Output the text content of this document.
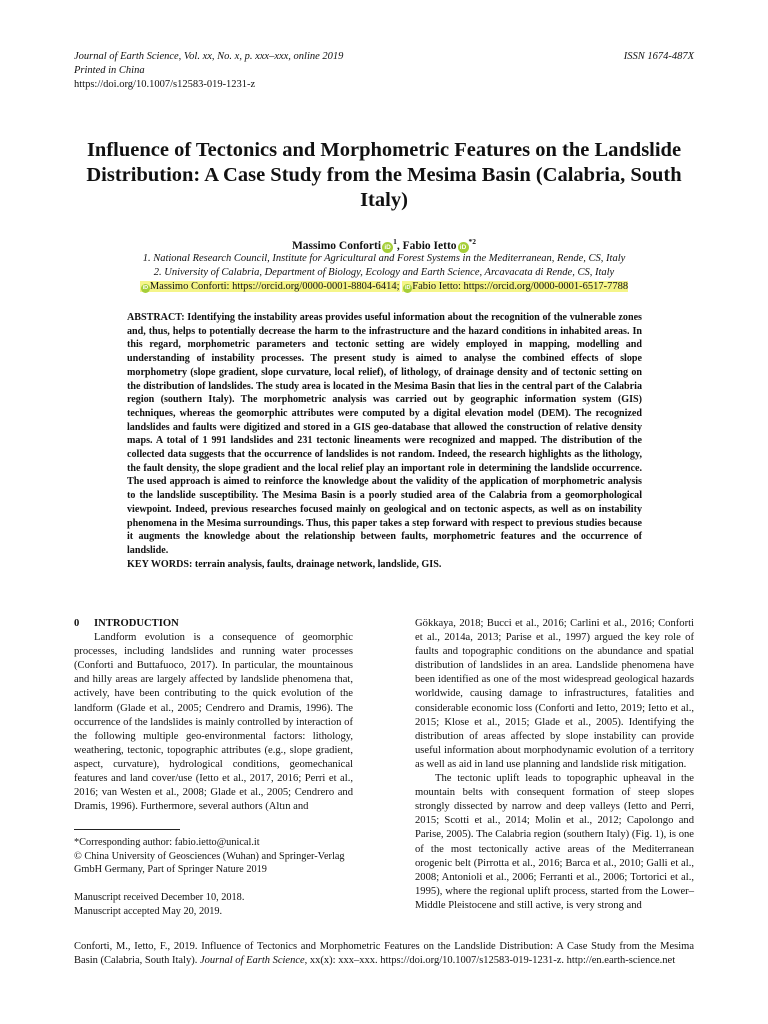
Journal of Earth Science, Vol. xx, No. x, p. xxx–xxx, online 2019
Printed in China
https://doi.org/10.1007/s12583-019-1231-z
ISSN 1674-487X
Influence of Tectonics and Morphometric Features on the Landslide Distribution: A Case Study from the Mesima Basin (Calabria, South Italy)
Massimo Conforti $iD^1$, Fabio Ietto $iD^{*2}$
1. National Research Council, Institute for Agricultural and Forest Systems in the Mediterranean, Rende, CS, Italy
2. University of Calabria, Department of Biology, Ecology and Earth Science, Arcavacata di Rende, CS, Italy
iD Massimo Conforti: https://orcid.org/0000-0001-8804-6414; iD Fabio Ietto: https://orcid.org/0000-0001-6517-7788

ABSTRACT: Identifying the instability areas provides useful information about the recognition of the vulnerable zones and, thus, helps to potentially decrease the harm to the infrastructure and the hazard conditions in inhabited areas. In this regard, morphometric parameters and tectonic setting are widely employed in mapping, modelling and understanding of instability processes. The present study is aimed to analyse the combined effects of slope morphometry (slope gradient, slope curvature, local relief), of lithology, of drainage density and of tectonic setting on the distribution of landslides. The study area is located in the Mesima Basin that lies in the central part of the Calabria region (southern Italy). The morphometric analysis was carried out by geographic information system (GIS) techniques, whereas the geomorphic attributes were computed by a digital elevation model (DEM). The recognized landslides and faults were digitized and stored in a GIS geo-database that allowed the construction of relative density maps. A total of 1 991 landslides and 231 tectonic lineaments were recognized and mapped. The distribution of the collected data suggests that the occurrence of landslides is not random. Indeed, the research highlights as the lithology, the fault density, the slope gradient and the local relief play an important role in determining the landslide occurrence. The used approach is aimed to reinforce the knowledge about the validity of the application of morphometric analysis to the landslide susceptibility. The Mesima Basin is a poorly studied area of the Calabria from a geomorphological viewpoint. Indeed, previous researches focused mainly on geological and on tectonic aspects, as well as on instability phenomena in the Mesima surroundings. Thus, this paper takes a step forward with respect to previous studies because it augments the knowledge about the relationship between faults, morphometric features and the occurrence of landslide.

KEY WORDS: terrain analysis, faults, drainage network, landslide, GIS.

0 INTRODUCTION

Landform evolution is a consequence of geomorphic processes, including landslides and running water processes (Conforti and Buttafuoco, 2017). In particular, the mountainous and hilly areas are largely affected by landslide phenomena that, actively, have been contributing to the quick evolution of the landform (Glade et al., 2005; Cendrero and Dramis, 1996). The occurrence of the landslides is mainly controlled by interaction of the following multiple geo-environmental factors: lithology, weathering, tectonic, topographic attributes (e.g., slope gradient, aspect, curvature), hydrological conditions, geomechanical features and land cover/use (Ietto et al., 2017, 2016; Perri et al., 2016; van Westen et al., 2008; Glade et al., 2005; Cendrero and Dramis, 1996). Furthermore, several authors (Altın and

Gökkaya, 2018; Bucci et al., 2016; Carlini et al., 2016; Conforti et al., 2014a, 2013; Parise et al., 1997) argued the key role of faults and topographic conditions on the abundance and spatial distribution of landslides in an area. Landslide phenomena have been identified as one of the most widespread geological hazards worldwide, causing damage to infrastructures, fatalities and considerable economic loss (Conforti and Ietto, 2019; Ietto et al., 2015; Klose et al., 2015; Glade et al., 2005). Identifying the distribution of areas affected by slope instability can provide useful information about morphodynamic evolution of a territory as well as aid in land use planning and landslide risk mitigation.

The tectonic uplift leads to topographic upheaval in the mountain belts with consequent formation of steep slopes strongly dissected by narrow and deep valleys (Ietto and Perri, 2015; Scotti et al., 2014; Molin et al., 2012; Capolongo and Parise, 2005). The Calabria region (southern Italy) (Fig. 1), is one of the most tectonically active areas of the Mediterranean orogenic belt (Pirrotta et al., 2016; Barca et al., 2010; Galli et al., 2008; Antonioli et al., 2006; Ferranti et al., 2006; Tortorici et al., 1995), where the regional uplift process, started from the Lower–Middle Pleistocene and still active, is very strong and

*Corresponding author: fabio.ietto@unical.it

© China University of Geosciences (Wuhan) and Springer-Verlag GmbH Germany, Part of Springer Nature 2019

Manuscript received December 10, 2018.

Manuscript accepted May 20, 2019.

Conforti, M., Ietto, F., 2019. Influence of Tectonics and Morphometric Features on the Landslide Distribution: A Case Study from the Mesima Basin (Calabria, South Italy). Journal of Earth Science, xx(x): xxx–xxx. https://doi.org/10.1007/s12583-019-1231-z. http://en.earth-science.net
